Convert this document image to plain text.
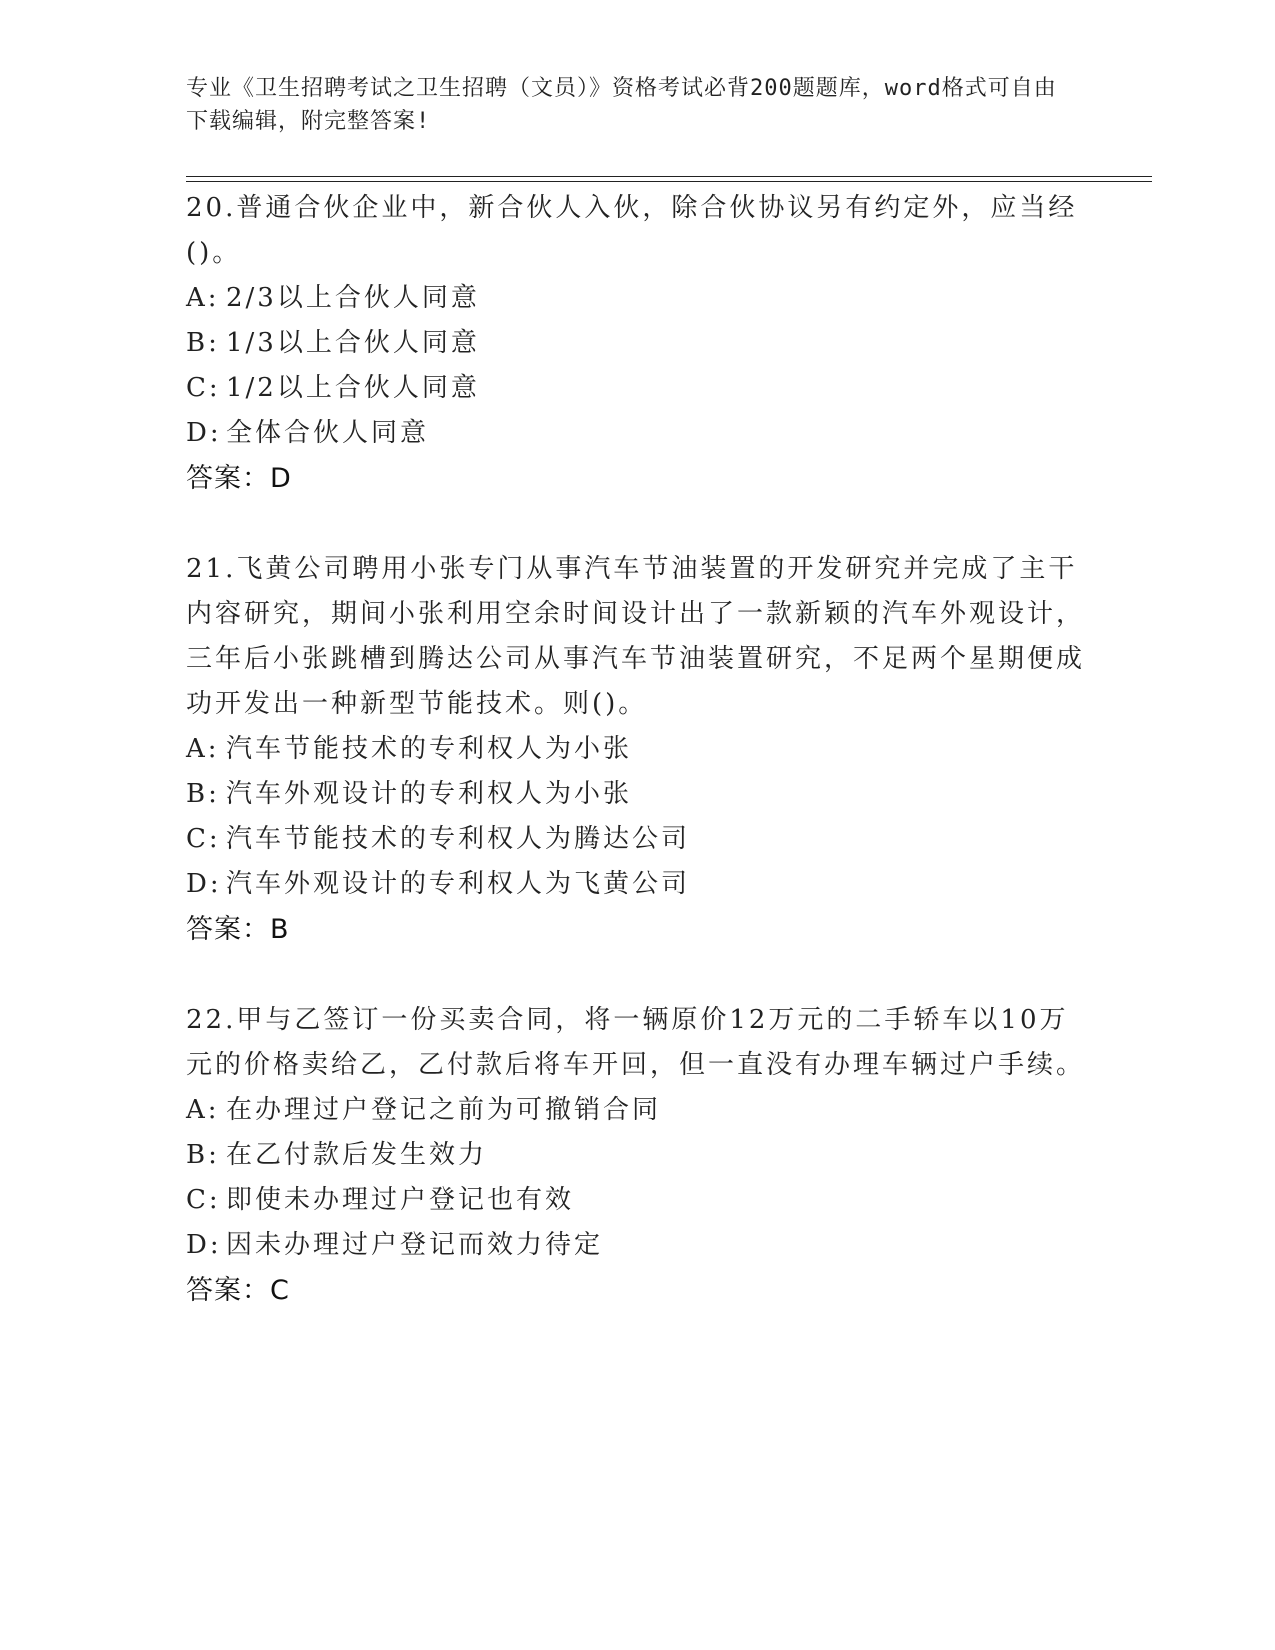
专业《卫生招聘考试之卫生招聘（文员）》资格考试必背200题题库，word格式可自由下载编辑，附完整答案!

20.普通合伙企业中，新合伙人入伙，除合伙协议另有约定外，应当经()。

A: 2/3以上合伙人同意

B: 1/3以上合伙人同意

C: 1/2以上合伙人同意

D: 全体合伙人同意

答案：D

21.飞黄公司聘用小张专门从事汽车节油装置的开发研究并完成了主干内容研究，期间小张利用空余时间设计出了一款新颖的汽车外观设计，三年后小张跳槽到腾达公司从事汽车节油装置研究，不足两个星期便成功开发出一种新型节能技术。则()。

A: 汽车节能技术的专利权人为小张

B: 汽车外观设计的专利权人为小张

C: 汽车节能技术的专利权人为腾达公司

D: 汽车外观设计的专利权人为飞黄公司

答案：B

22.甲与乙签订一份买卖合同，将一辆原价12万元的二手轿车以10万元的价格卖给乙，乙付款后将车开回，但一直没有办理车辆过户手续。

A: 在办理过户登记之前为可撤销合同

B: 在乙付款后发生效力

C: 即使未办理过户登记也有效

D: 因未办理过户登记而效力待定

答案：C
